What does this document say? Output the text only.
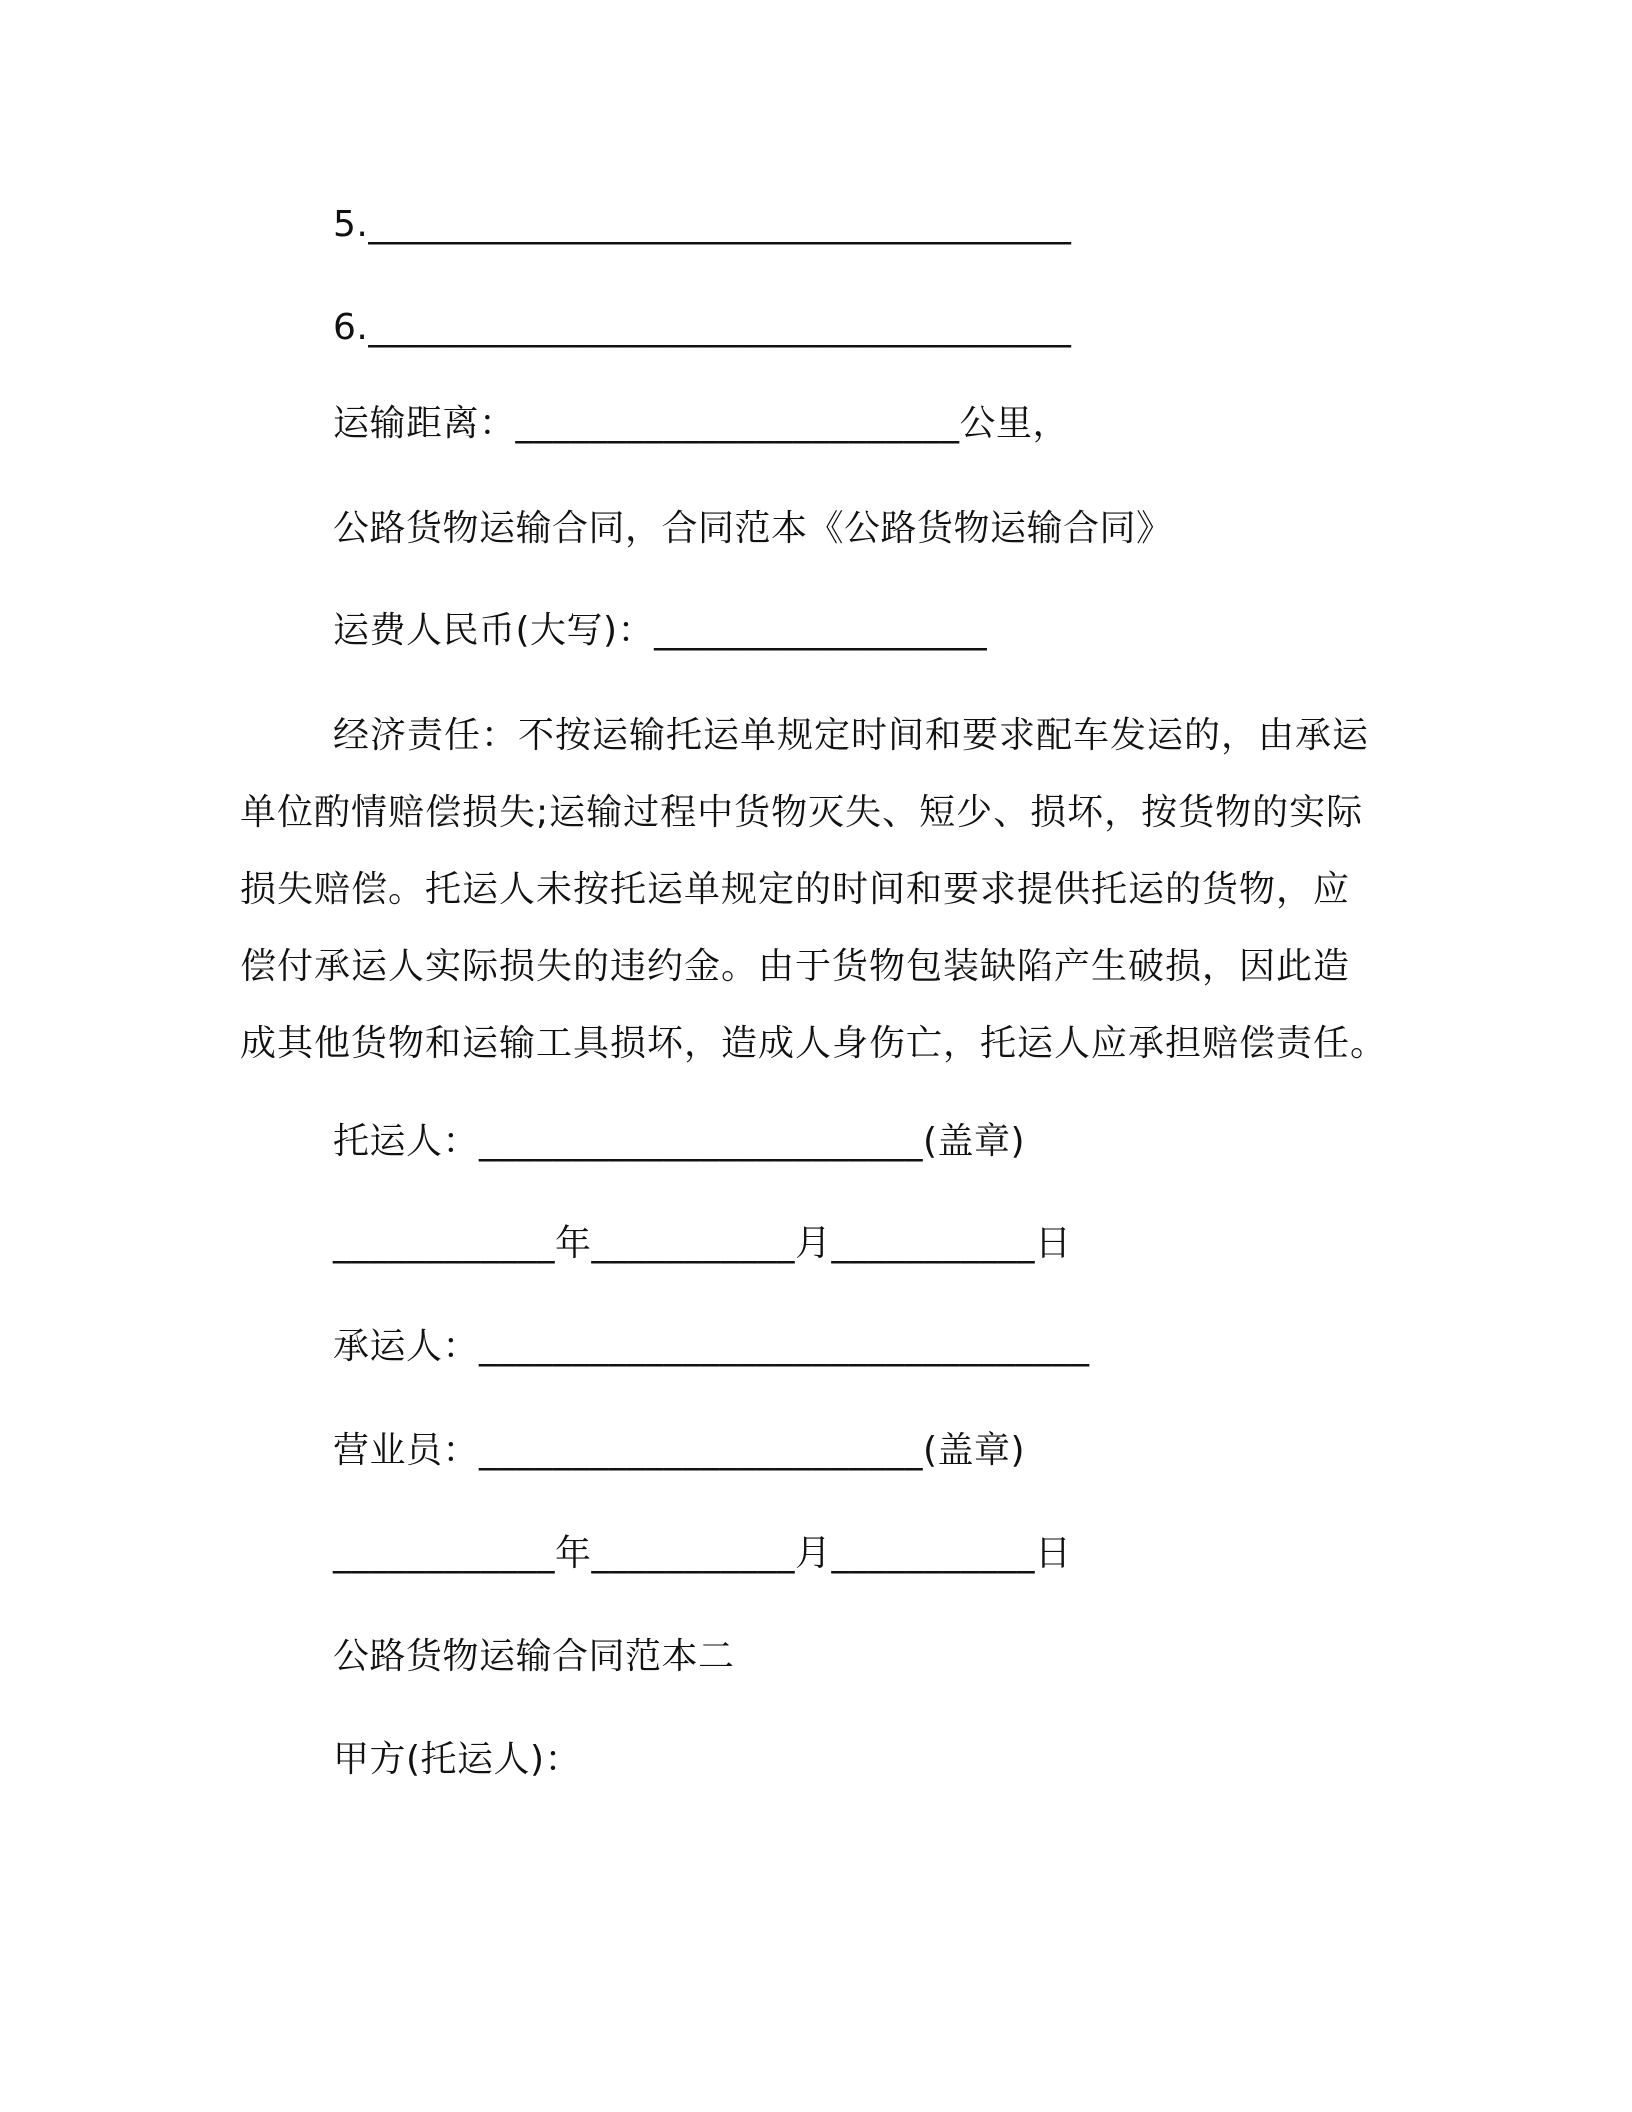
5.______________________________________
6.______________________________________
运输距离：________________________公里，
公路货物运输合同，合同范本《公路货物运输合同》
运费人民币(大写)：__________________
经济责任：不按运输托运单规定时间和要求配车发运的，由承运
单位酌情赔偿损失;运输过程中货物灭失、短少、损坏，按货物的实际
损失赔偿。托运人未按托运单规定的时间和要求提供托运的货物，应
偿付承运人实际损失的违约金。由于货物包装缺陷产生破损，因此造
成其他货物和运输工具损坏，造成人身伤亡，托运人应承担赔偿责任。
托运人：________________________(盖章)
____________年___________月___________日
承运人：_________________________________
营业员：________________________(盖章)
____________年___________月___________日
公路货物运输合同范本二
甲方(托运人)：
